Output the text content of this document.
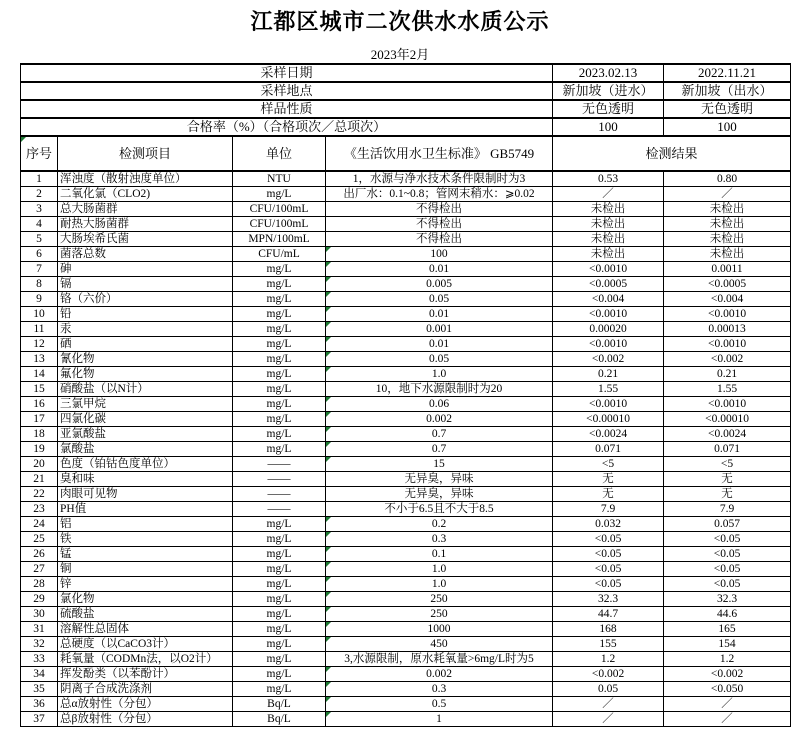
江都区城市二次供水水质公示
2023年2月
采样日期				2023.02.13	2022.11.21
采样地点				新加坡（进水）	新加坡（出水）
样品性质				无色透明	无色透明
合格率（%）（合格项次／总项次）				100	100
序号	检测项目	单位	《生活饮用水卫生标准》 GB5749	检测结果	
1	浑浊度（散射浊度单位）	NTU	1，水源与净水技术条件限制时为3	0.53	0.80
2	二氧化氯（CLO2)	mg/L	出厂水：0.1~0.8；管网末稍水：⩾0.02	／	／
3	总大肠菌群	CFU/100mL	不得检出	未检出	未检出
4	耐热大肠菌群	CFU/100mL	不得检出	未检出	未检出
5	大肠埃希氏菌	MPN/100mL	不得检出	未检出	未检出
6	菌落总数	CFU/mL	100	未检出	未检出
7	砷	mg/L	0.01	<0.0010	0.0011
8	镉	mg/L	0.005	<0.0005	<0.0005
9	铬（六价）	mg/L	0.05	<0.004	<0.004
10	铅	mg/L	0.01	<0.0010	<0.0010
11	汞	mg/L	0.001	0.00020	0.00013
12	硒	mg/L	0.01	<0.0010	<0.0010
13	氰化物	mg/L	0.05	<0.002	<0.002
14	氟化物	mg/L	1.0	0.21	0.21
15	硝酸盐（以N计）	mg/L	10，地下水源限制时为20	1.55	1.55
16	三氯甲烷	mg/L	0.06	<0.0010	<0.0010
17	四氯化碳	mg/L	0.002	<0.00010	<0.00010
18	亚氯酸盐	mg/L	0.7	<0.0024	<0.0024
19	氯酸盐	mg/L	0.7	0.071	0.071
20	色度（铂钴色度单位）	——	15	<5	<5
21	臭和味	——	无异臭，异味	无	无
22	肉眼可见物	——	无异臭，异味	无	无
23	PH值	——	不小于6.5且不大于8.5	7.9	7.9
24	铝	mg/L	0.2	0.032	0.057
25	铁	mg/L	0.3	<0.05	<0.05
26	锰	mg/L	0.1	<0.05	<0.05
27	铜	mg/L	1.0	<0.05	<0.05
28	锌	mg/L	1.0	<0.05	<0.05
29	氯化物	mg/L	250	32.3	32.3
30	硫酸盐	mg/L	250	44.7	44.6
31	溶解性总固体	mg/L	1000	168	165
32	总硬度（以CaCO3计）	mg/L	450	155	154
33	耗氧量（CODMn法，以O2计）	mg/L	3,水源限制，原水耗氧量>6mg/L时为5	1.2	1.2
34	挥发酚类（以苯酚计）	mg/L	0.002	<0.002	<0.002
35	阴离子合成洗涤剂	mg/L	0.3	0.05	<0.050
36	总α放射性（分包）	Bq/L	0.5	／	／
37	总β放射性（分包）	Bq/L	1	／	／
